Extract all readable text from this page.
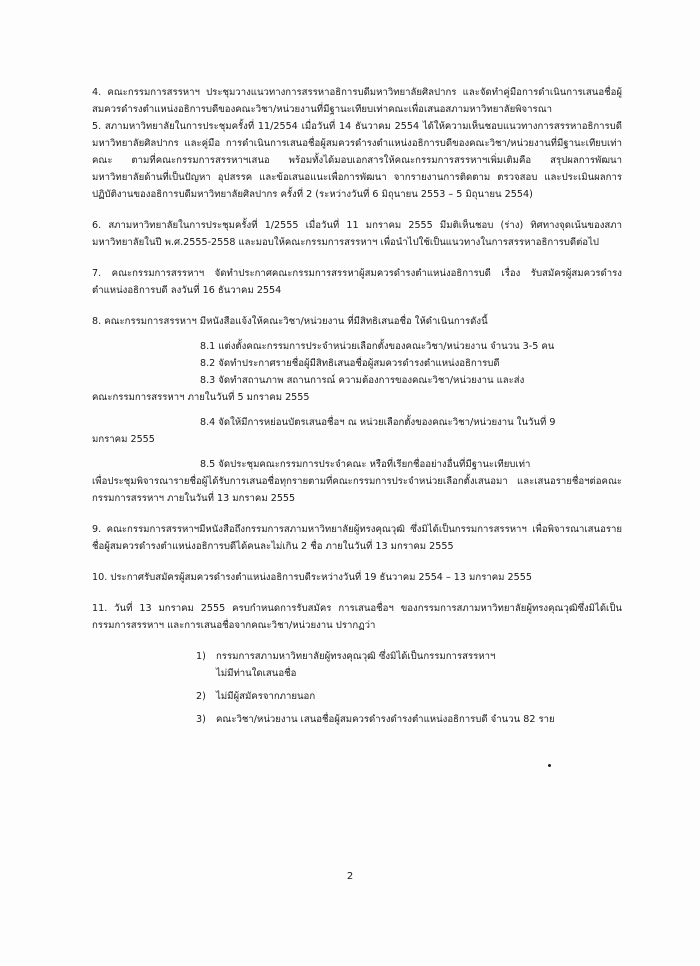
4. คณะกรรมการสรรหาฯ ประชุมวางแนวทางการสรรหาอธิการบดีมหาวิทยาลัยศิลปากร และจัดทำคู่มือการดำเนินการเสนอชื่อผู้สมควรดำรงตำแหน่งอธิการบดีของคณะวิชา/หน่วยงานที่มีฐานะเทียบเท่าคณะเพื่อเสนอสภามหาวิทยาลัยพิจารณา

5. สภามหาวิทยาลัยในการประชุมครั้งที่ 11/2554 เมื่อวันที่ 14 ธันวาคม 2554 ได้ให้ความเห็นชอบแนวทางการสรรหาอธิการบดีมหาวิทยาลัยศิลปากร และคู่มือ การดำเนินการเสนอชื่อผู้สมควรดำรงตำแหน่งอธิการบดีของคณะวิชา/หน่วยงานที่มีฐานะเทียบเท่าคณะ ตามที่คณะกรรมการสรรหาฯเสนอ พร้อมทั้งได้มอบเอกสารให้คณะกรรมการสรรหาฯเพิ่มเติมคือ สรุปผลการพัฒนามหาวิทยาลัยด้านที่เป็นปัญหา อุปสรรค และข้อเสนอแนะเพื่อการพัฒนา จากรายงานการติดตาม ตรวจสอบ และประเมินผลการปฏิบัติงานของอธิการบดีมหาวิทยาลัยศิลปากร ครั้งที่ 2 (ระหว่างวันที่ 6 มิถุนายน 2553 – 5 มิถุนายน 2554)

6. สภามหาวิทยาลัยในการประชุมครั้งที่ 1/2555 เมื่อวันที่ 11 มกราคม 2555 มีมติเห็นชอบ (ร่าง) ทิศทางจุดเน้นของสภามหาวิทยาลัยในปี พ.ศ.2555-2558 และมอบให้คณะกรรมการสรรหาฯ เพื่อนำไปใช้เป็นแนวทางในการสรรหาอธิการบดีต่อไป

7. คณะกรรมการสรรหาฯ จัดทำประกาศคณะกรรมการสรรหาผู้สมควรดำรงตำแหน่งอธิการบดี เรื่อง รับสมัครผู้สมควรดำรงตำแหน่งอธิการบดี ลงวันที่ 16 ธันวาคม 2554

8. คณะกรรมการสรรหาฯ มีหนังสือแจ้งให้คณะวิชา/หน่วยงาน ที่มีสิทธิเสนอชื่อ ให้ดำเนินการดังนี้

8.1 แต่งตั้งคณะกรรมการประจำหน่วยเลือกตั้งของคณะวิชา/หน่วยงาน จำนวน 3-5 คน

8.2 จัดทำประกาศรายชื่อผู้มีสิทธิเสนอชื่อผู้สมควรดำรงตำแหน่งอธิการบดี

8.3 จัดทำสถานภาพ สถานการณ์ ความต้องการของคณะวิชา/หน่วยงาน และส่ง

คณะกรรมการสรรหาฯ ภายในวันที่ 5 มกราคม 2555

8.4 จัดให้มีการหย่อนบัตรเสนอชื่อฯ ณ หน่วยเลือกตั้งของคณะวิชา/หน่วยงาน ในวันที่ 9

มกราคม 2555

8.5 จัดประชุมคณะกรรมการประจำคณะ หรือที่เรียกชื่ออย่างอื่นที่มีฐานะเทียบเท่า

เพื่อประชุมพิจารณารายชื่อผู้ได้รับการเสนอชื่อทุกรายตามที่คณะกรรมการประจำหน่วยเลือกตั้งเสนอมา และเสนอรายชื่อฯต่อคณะกรรมการสรรหาฯ ภายในวันที่ 13 มกราคม 2555

9. คณะกรรมการสรรหาฯมีหนังสือถึงกรรมการสภามหาวิทยาลัยผู้ทรงคุณวุฒิ ซึ่งมิได้เป็นกรรมการสรรหาฯ เพื่อพิจารณาเสนอรายชื่อผู้สมควรดำรงตำแหน่งอธิการบดีได้คนละไม่เกิน 2 ชื่อ ภายในวันที่ 13 มกราคม 2555

10. ประกาศรับสมัครผู้สมควรดำรงตำแหน่งอธิการบดีระหว่างวันที่ 19 ธันวาคม 2554 – 13 มกราคม 2555

11. วันที่ 13 มกราคม 2555 ครบกำหนดการรับสมัคร การเสนอชื่อฯ ของกรรมการสภามหาวิทยาลัยผู้ทรงคุณวุฒิซึ่งมิได้เป็นกรรมการสรรหาฯ และการเสนอชื่อจากคณะวิชา/หน่วยงาน ปรากฏว่า

1) กรรมการสภามหาวิทยาลัยผู้ทรงคุณวุฒิ ซึ่งมิได้เป็นกรรมการสรรหาฯ
ไม่มีท่านใดเสนอชื่อ
2) ไม่มีผู้สมัครจากภายนอก
3) คณะวิชา/หน่วยงาน เสนอชื่อผู้สมควรดำรงดำรงตำแหน่งอธิการบดี จำนวน 82 ราย
2
